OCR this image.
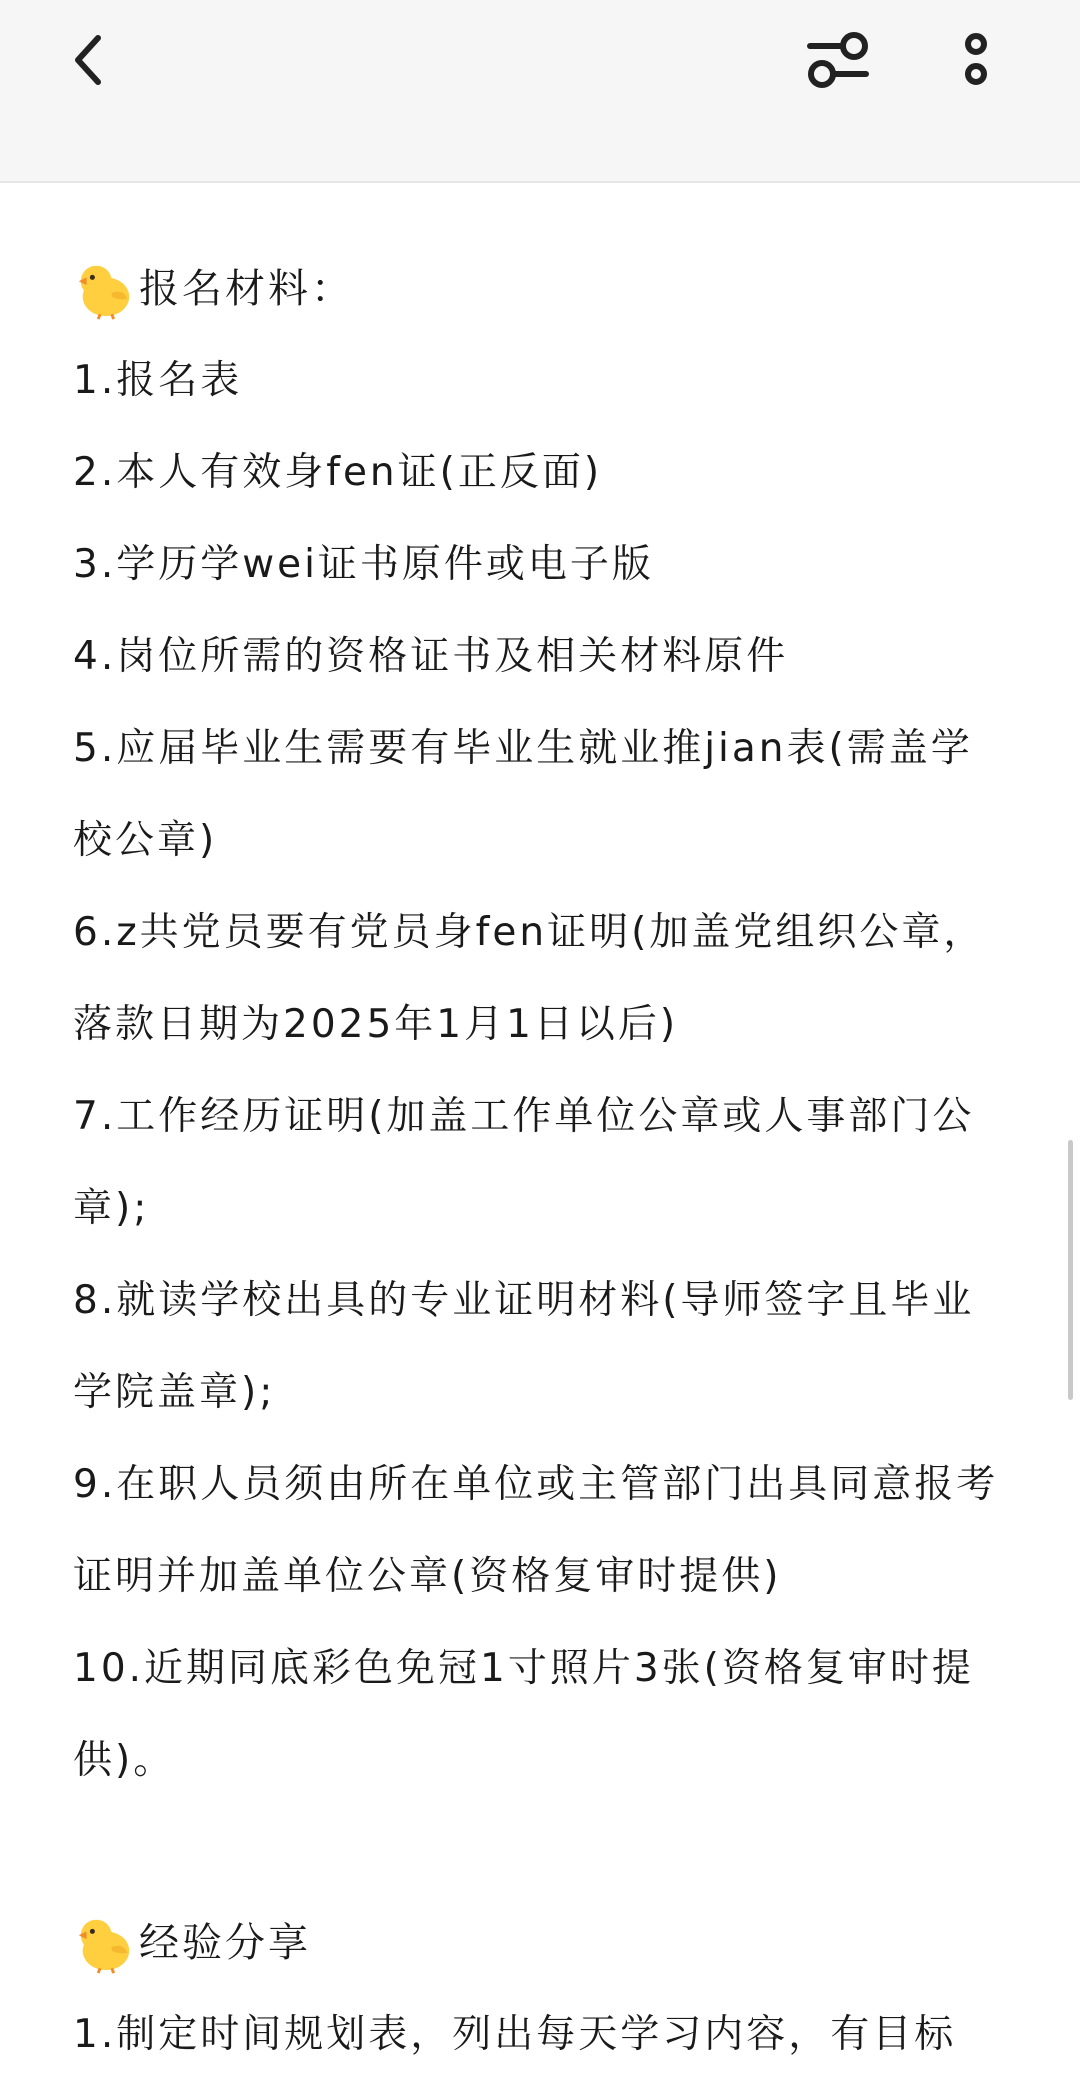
报名材料：
1.报名表
2.本人有效身fen证(正反面)
3.学历学wei证书原件或电子版
4.岗位所需的资格证书及相关材料原件
5.应届毕业生需要有毕业生就业推jian表(需盖学校公章)
6.z共党员要有党员身fen证明(加盖党组织公章，落款日期为2025年1月1日以后)
7.工作经历证明(加盖工作单位公章或人事部门公章);
8.就读学校出具的专业证明材料(导师签字且毕业学院盖章);
9.在职人员须由所在单位或主管部门出具同意报考证明并加盖单位公章(资格复审时提供)
10.近期同底彩色免冠1寸照片3张(资格复审时提供)。
经验分享
1.制定时间规划表，列出每天学习内容，有目标
